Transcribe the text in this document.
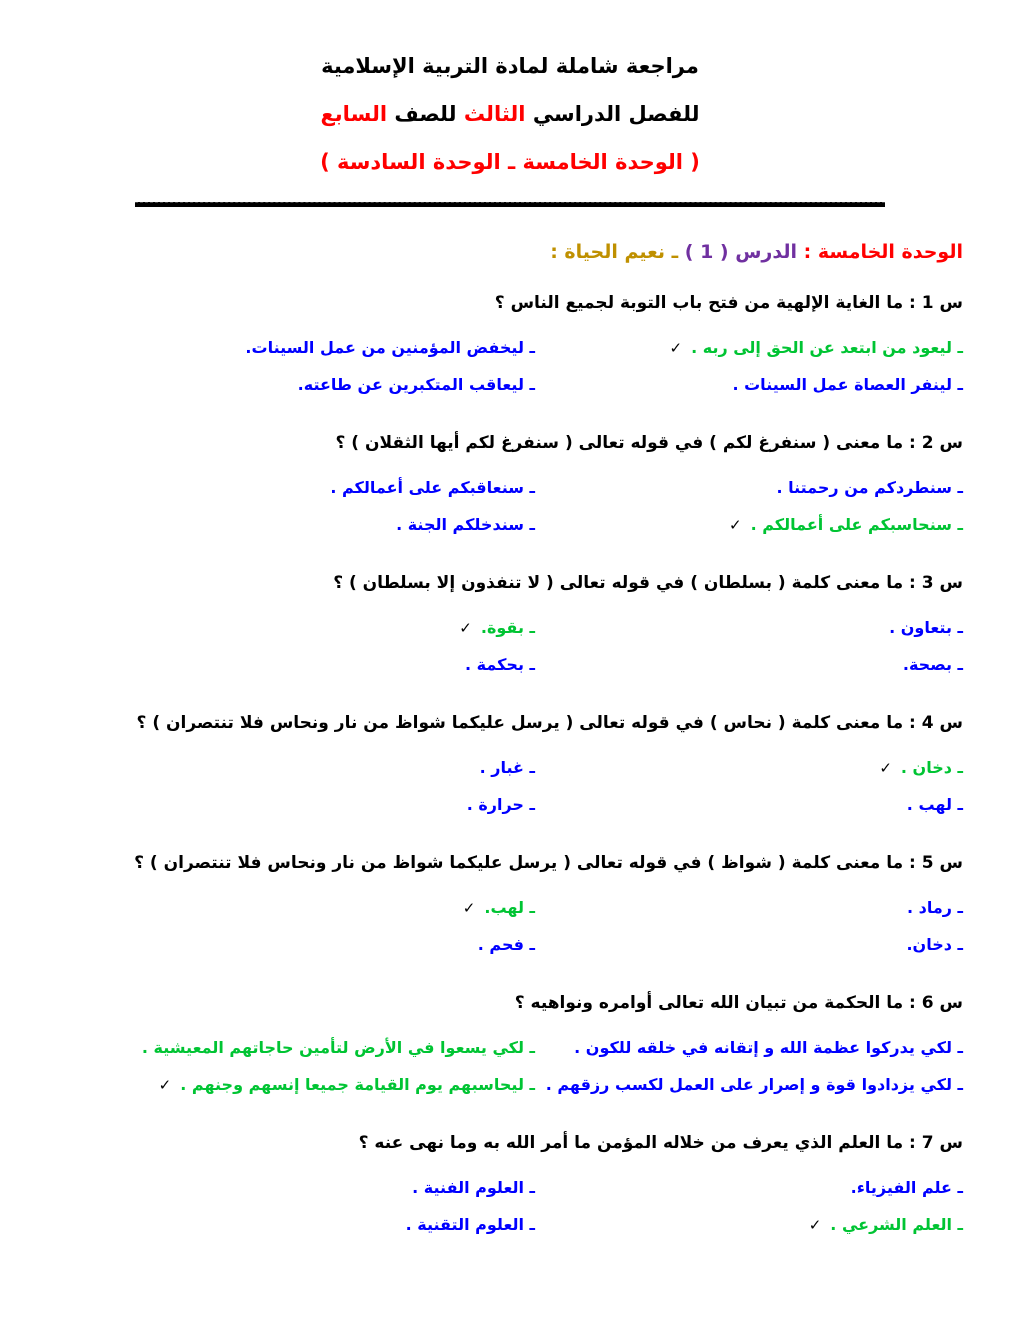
مراجعة شاملة لمادة التربية الإسلامية
للفصل الدراسي الثالث للصف السابع
( الوحدة الخامسة ـ الوحدة السادسة )
الوحدة الخامسة : الدرس ( 1 ) ـ نعيم الحياة :
س 1 : ما الغاية الإلهية من فتح باب التوبة لجميع الناس ؟
ـ ليعود من ابتعد عن الحق إلى ربه .✓
ـ ليخفض المؤمنين من عمل السينات.
ـ لينفر العصاة عمل السينات .
ـ ليعاقب المتكبرين عن طاعته.
س 2 : ما معنى ( سنفرغ لكم ) في قوله تعالى ( سنفرغ لكم أيها الثقلان ) ؟
ـ سنطردكم من رحمتنا .
ـ سنعاقبكم على أعمالكم .
ـ سنحاسبكم على أعمالكم .✓
ـ سندخلكم الجنة .
س 3 : ما معنى كلمة ( بسلطان ) في قوله تعالى ( لا تنفذون إلا بسلطان ) ؟
ـ بتعاون .
ـ بقوة.✓
ـ بصحة.
ـ بحكمة .
س 4 : ما معنى كلمة ( نحاس ) في قوله تعالى ( يرسل عليكما شواظ من نار ونحاس فلا تنتصران ) ؟
ـ دخان .✓
ـ غبار .
ـ لهب .
ـ حرارة .
س 5 : ما معنى كلمة ( شواظ ) في قوله تعالى ( يرسل عليكما شواظ من نار ونحاس فلا تنتصران ) ؟
ـ رماد .
ـ لهب.✓
ـ دخان.
ـ فحم .
س 6 : ما الحكمة من تبيان الله تعالى أوامره ونواهيه ؟
ـ لكي يدركوا عظمة الله و إتقانه في خلقه للكون .
ـ لكي يسعوا في الأرض لتأمين حاجاتهم المعيشية .
ـ لكي يزدادوا قوة و إصرار على العمل لكسب رزقهم .
ـ ليحاسبهم يوم القيامة جميعا إنسهم وجنهم .✓
س 7 : ما العلم الذي يعرف من خلاله المؤمن ما أمر الله به وما نهى عنه ؟
ـ علم الفيزياء.
ـ العلوم الفنية .
ـ العلم الشرعي .✓
ـ العلوم التقنية .
